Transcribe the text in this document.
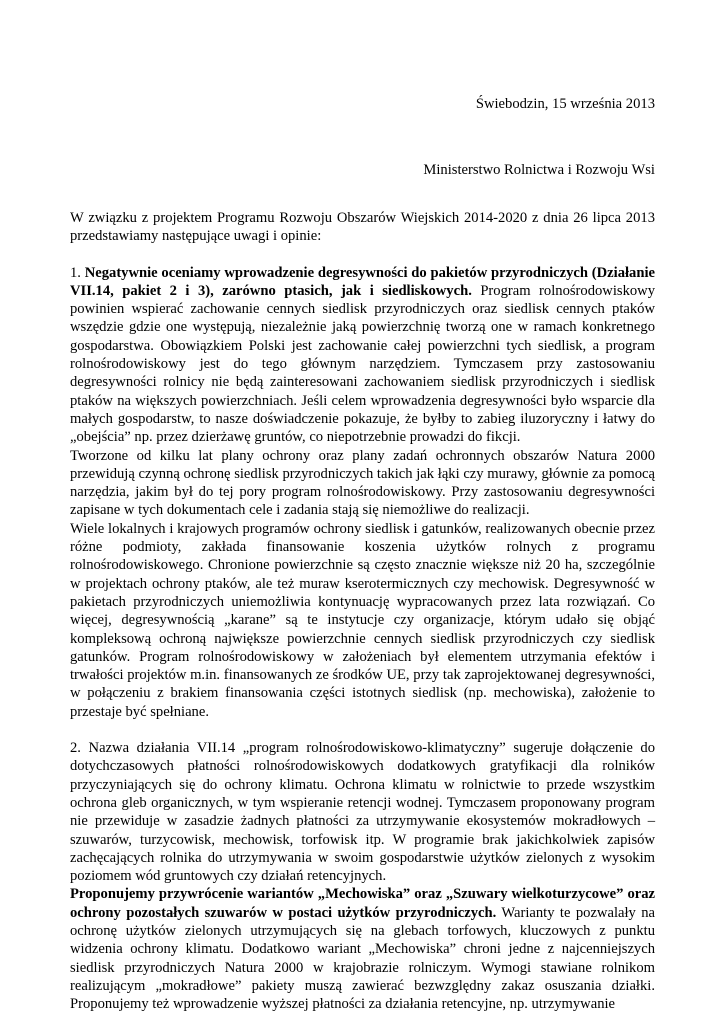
Świebodzin, 15 września 2013
Ministerstwo Rolnictwa i Rozwoju Wsi

W związku z projektem Programu Rozwoju Obszarów Wiejskich 2014-2020 z dnia 26 lipca 2013 przedstawiamy następujące uwagi i opinie:

1. Negatywnie oceniamy wprowadzenie degresywności do pakietów przyrodniczych (Działanie VII.14, pakiet 2 i 3), zarówno ptasich, jak i siedliskowych. Program rolnośrodowiskowy powinien wspierać zachowanie cennych siedlisk przyrodniczych oraz siedlisk cennych ptaków wszędzie gdzie one występują, niezależnie jaką powierzchnię tworzą one w ramach konkretnego gospodarstwa. Obowiązkiem Polski jest zachowanie całej powierzchni tych siedlisk, a program rolnośrodowiskowy jest do tego głównym narzędziem. Tymczasem przy zastosowaniu degresywności rolnicy nie będą zainteresowani zachowaniem siedlisk przyrodniczych i siedlisk ptaków na większych powierzchniach. Jeśli celem wprowadzenia degresywności było wsparcie dla małych gospodarstw, to nasze doświadczenie pokazuje, że byłby to zabieg iluzoryczny i łatwy do „obejścia” np. przez dzierżawę gruntów, co niepotrzebnie prowadzi do fikcji.

Tworzone od kilku lat plany ochrony oraz plany zadań ochronnych obszarów Natura 2000 przewidują czynną ochronę siedlisk przyrodniczych takich jak łąki czy murawy, głównie za pomocą narzędzia, jakim był do tej pory program rolnośrodowiskowy. Przy zastosowaniu degresywności zapisane w tych dokumentach cele i zadania stają się niemożliwe do realizacji.

Wiele lokalnych i krajowych programów ochrony siedlisk i gatunków, realizowanych obecnie przez różne podmioty, zakłada finansowanie koszenia użytków rolnych z programu rolnośrodowiskowego. Chronione powierzchnie są często znacznie większe niż 20 ha, szczególnie w projektach ochrony ptaków, ale też muraw kserotermicznych czy mechowisk. Degresywność w pakietach przyrodniczych uniemożliwia kontynuację wypracowanych przez lata rozwiązań. Co więcej, degresywnością „karane” są te instytucje czy organizacje, którym udało się objąć kompleksową ochroną największe powierzchnie cennych siedlisk przyrodniczych czy siedlisk gatunków. Program rolnośrodowiskowy w założeniach był elementem utrzymania efektów i trwałości projektów m.in. finansowanych ze środków UE, przy tak zaprojektowanej degresywności, w połączeniu z brakiem finansowania części istotnych siedlisk (np. mechowiska), założenie to przestaje być spełniane.

2. Nazwa działania VII.14 „program rolnośrodowiskowo-klimatyczny” sugeruje dołączenie do dotychczasowych płatności rolnośrodowiskowych dodatkowych gratyfikacji dla rolników przyczyniających się do ochrony klimatu. Ochrona klimatu w rolnictwie to przede wszystkim ochrona gleb organicznych, w tym wspieranie retencji wodnej. Tymczasem proponowany program nie przewiduje w zasadzie żadnych płatności za utrzymywanie ekosystemów mokradłowych – szuwarów, turzycowisk, mechowisk, torfowisk itp. W programie brak jakichkolwiek zapisów zachęcających rolnika do utrzymywania w swoim gospodarstwie użytków zielonych z wysokim poziomem wód gruntowych czy działań retencyjnych.

Proponujemy przywrócenie wariantów „Mechowiska” oraz „Szuwary wielkoturzycowe” oraz ochrony pozostałych szuwarów w postaci użytków przyrodniczych. Warianty te pozwalały na ochronę użytków zielonych utrzymujących się na glebach torfowych, kluczowych z punktu widzenia ochrony klimatu. Dodatkowo wariant „Mechowiska” chroni jedne z najcenniejszych siedlisk przyrodniczych Natura 2000 w krajobrazie rolniczym. Wymogi stawiane rolnikom realizującym „mokradłowe” pakiety muszą zawierać bezwzględny zakaz osuszania działki. Proponujemy też wprowadzenie wyższej płatności za działania retencyjne, np. utrzymywanie
